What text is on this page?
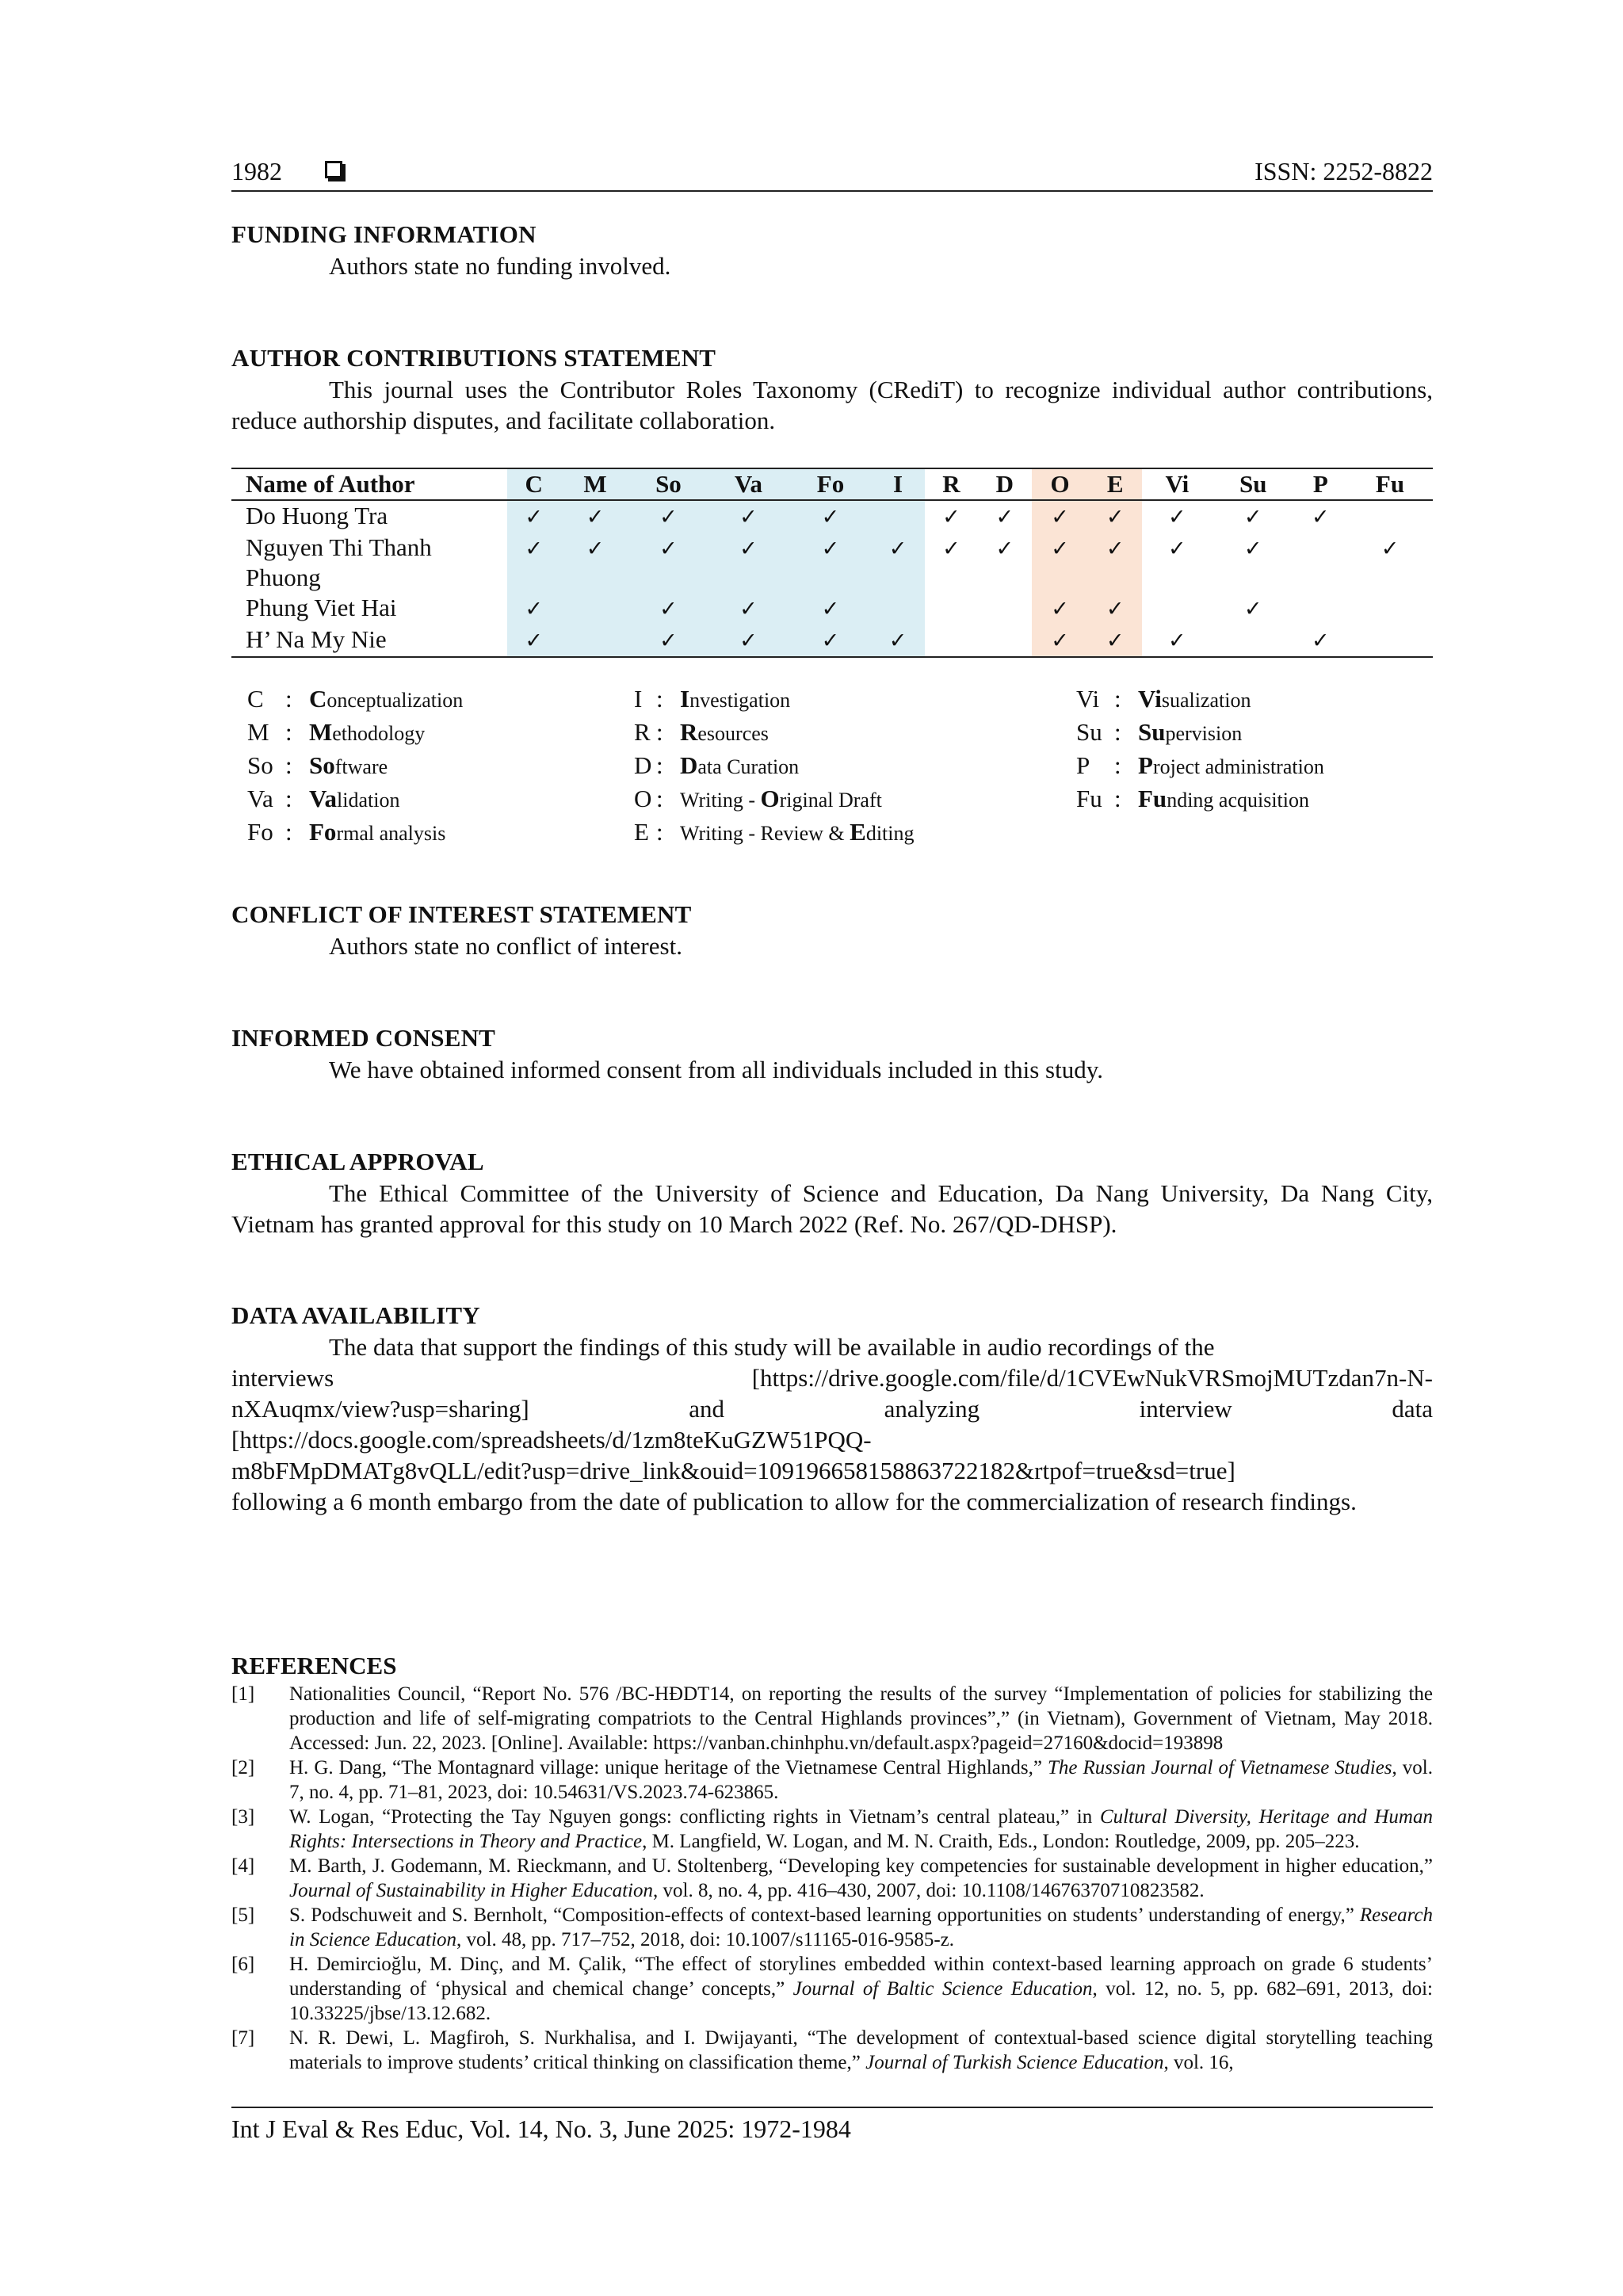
1982	ISSN: 2252-8822
FUNDING INFORMATION

Authors state no funding involved.

AUTHOR CONTRIBUTIONS STATEMENT

This journal uses the Contributor Roles Taxonomy (CRediT) to recognize individual author contributions, reduce authorship disputes, and facilitate collaboration.

Name of Author	C	M	So	Va	Fo	I	R	D	O	E	Vi	Su	P	Fu
Do Huong Tra	✓	✓	✓	✓	✓		✓	✓	✓	✓	✓	✓	✓	
Nguyen Thi Thanh Phuong	✓	✓	✓	✓	✓	✓	✓	✓	✓	✓	✓	✓		✓
Phung Viet Hai	✓		✓	✓	✓				✓	✓		✓		
H’ Na My Nie	✓		✓	✓	✓	✓			✓	✓	✓		✓	
C : Conceptualization
M : Methodology
So : Software
Va : Validation
Fo : Formal analysis
I : Investigation
R : Resources
D : Data Curation
O : Writing - Original Draft
E : Writing - Review & Editing
Vi : Visualization
Su : Supervision
P : Project administration
Fu : Funding acquisition
CONFLICT OF INTEREST STATEMENT

Authors state no conflict of interest.

INFORMED CONSENT

We have obtained informed consent from all individuals included in this study.

ETHICAL APPROVAL

The Ethical Committee of the University of Science and Education, Da Nang University, Da Nang City, Vietnam has granted approval for this study on 10 March 2022 (Ref. No. 267/QD-DHSP).

DATA AVAILABILITY

The data that support the findings of this study will be available in audio recordings of the

interviews	[https://drive.google.com/file/d/1CVEwNukVRSmojMUTzdan7n-N-

nXAuqmx/view?usp=sharing]	and	analyzing	interview	data

[https://docs.google.com/spreadsheets/d/1zm8teKuGZW51PQQ-

m8bFMpDMATg8vQLL/edit?usp=drive_link&ouid=109196658158863722182&rtpof=true&sd=true]

following a 6 month embargo from the date of publication to allow for the commercialization of research findings.

REFERENCES
[1] Nationalities Council, “Report No. 576 /BC-HĐDT14, on reporting the results of the survey “Implementation of policies for stabilizing the production and life of self-migrating compatriots to the Central Highlands provinces”,” (in Vietnam), Government of Vietnam, May 2018. Accessed: Jun. 22, 2023. [Online]. Available: https://vanban.chinhphu.vn/default.aspx?pageid=27160&docid=193898
[2] H. G. Dang, “The Montagnard village: unique heritage of the Vietnamese Central Highlands,” The Russian Journal of Vietnamese Studies, vol. 7, no. 4, pp. 71–81, 2023, doi: 10.54631/VS.2023.74-623865.
[3] W. Logan, “Protecting the Tay Nguyen gongs: conflicting rights in Vietnam’s central plateau,” in Cultural Diversity, Heritage and Human Rights: Intersections in Theory and Practice, M. Langfield, W. Logan, and M. N. Craith, Eds., London: Routledge, 2009, pp. 205–223.
[4] M. Barth, J. Godemann, M. Rieckmann, and U. Stoltenberg, “Developing key competencies for sustainable development in higher education,” Journal of Sustainability in Higher Education, vol. 8, no. 4, pp. 416–430, 2007, doi: 10.1108/14676370710823582.
[5] S. Podschuweit and S. Bernholt, “Composition-effects of context-based learning opportunities on students’ understanding of energy,” Research in Science Education, vol. 48, pp. 717–752, 2018, doi: 10.1007/s11165-016-9585-z.
[6] H. Demircioğlu, M. Dinç, and M. Çalik, “The effect of storylines embedded within context-based learning approach on grade 6 students’ understanding of ‘physical and chemical change’ concepts,” Journal of Baltic Science Education, vol. 12, no. 5, pp. 682–691, 2013, doi: 10.33225/jbse/13.12.682.
[7] N. R. Dewi, L. Magfiroh, S. Nurkhalisa, and I. Dwijayanti, “The development of contextual-based science digital storytelling teaching materials to improve students’ critical thinking on classification theme,” Journal of Turkish Science Education, vol. 16,
Int J Eval & Res Educ, Vol. 14, No. 3, June 2025: 1972-1984
